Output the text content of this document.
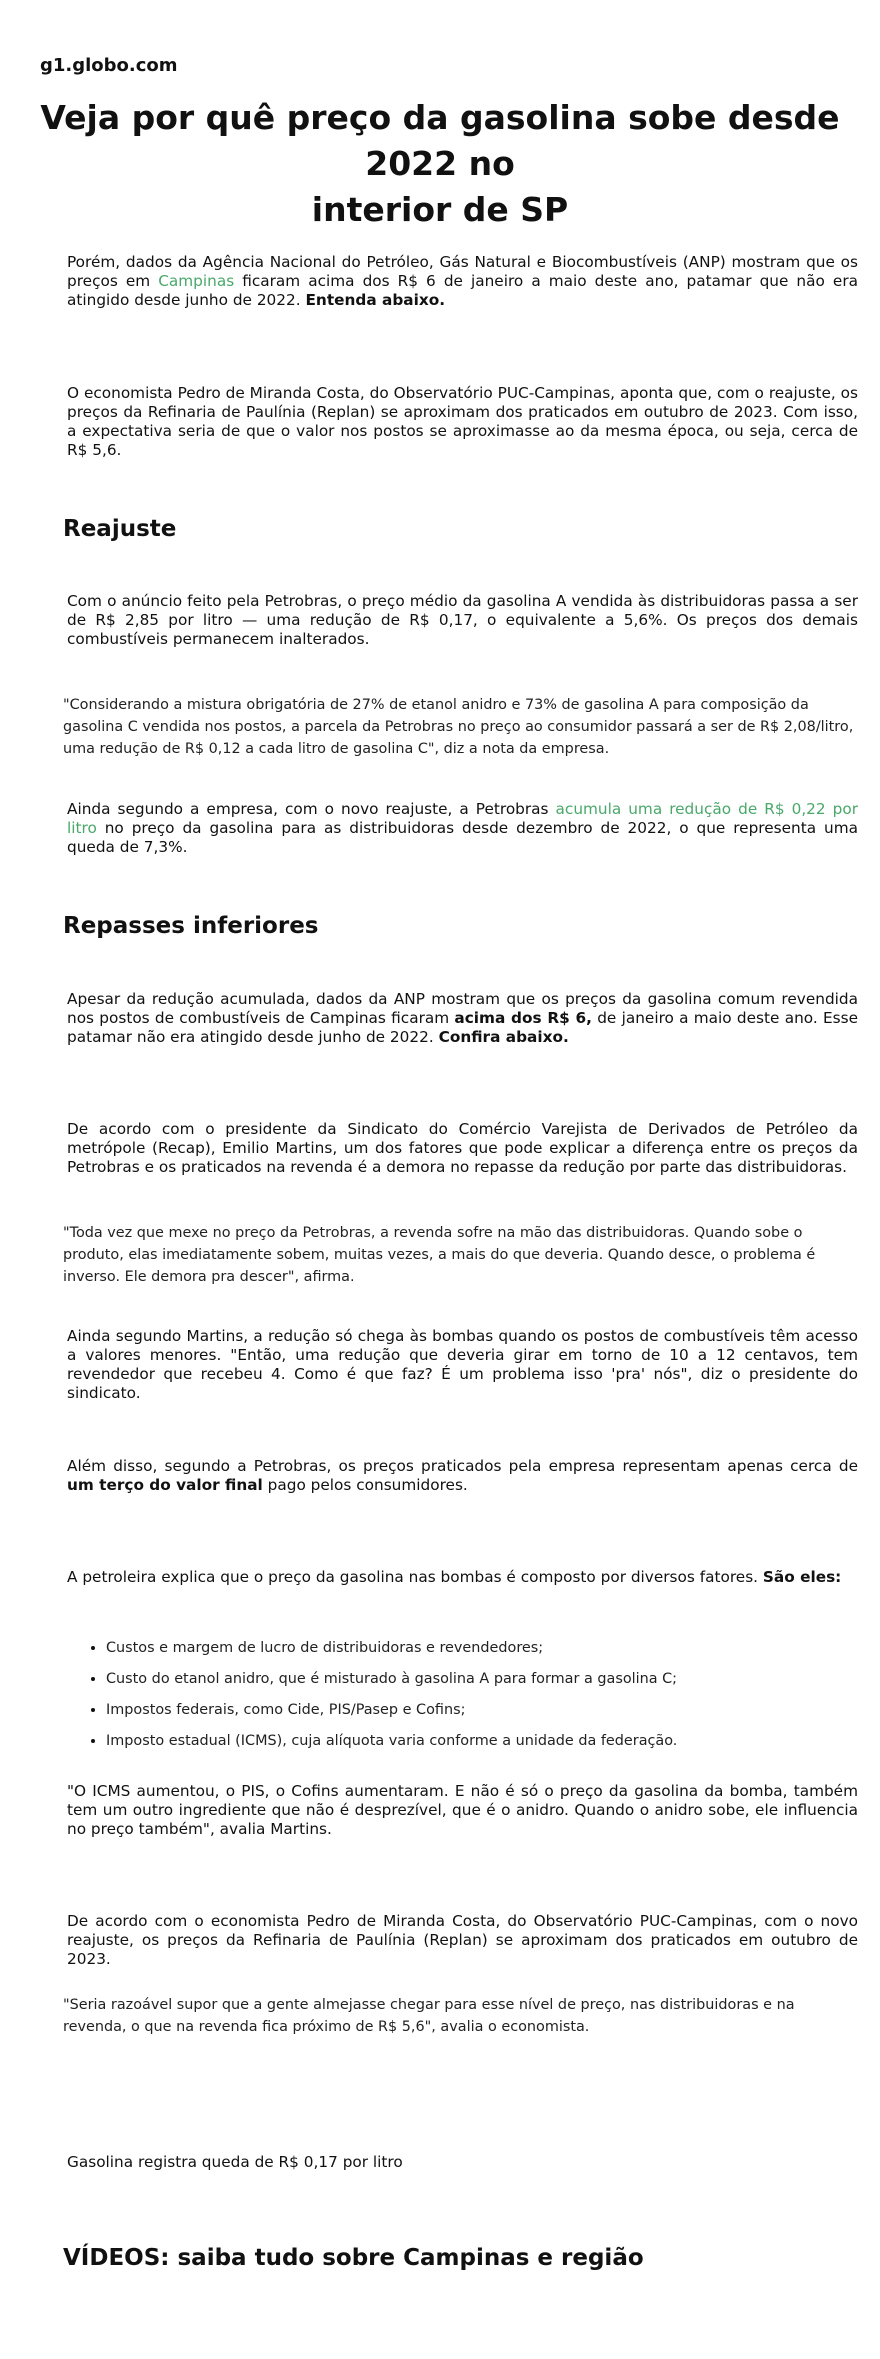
g1.globo.com
Veja por quê preço da gasolina sobe desde 2022 no
interior de SP
Porém, dados da Agência Nacional do Petróleo, Gás Natural e Biocombustíveis (ANP) mostram que os preços em Campinas ficaram acima dos R$ 6 de janeiro a maio deste ano, patamar que não era atingido desde junho de 2022. Entenda abaixo.
O economista Pedro de Miranda Costa, do Observatório PUC-Campinas, aponta que, com o reajuste, os preços da Refinaria de Paulínia (Replan) se aproximam dos praticados em outubro de 2023. Com isso, a expectativa seria de que o valor nos postos se aproximasse ao da mesma época, ou seja, cerca de R$ 5,6.
Reajuste
Com o anúncio feito pela Petrobras, o preço médio da gasolina A vendida às distribuidoras passa a ser de R$ 2,85 por litro — uma redução de R$ 0,17, o equivalente a 5,6%. Os preços dos demais combustíveis permanecem inalterados.
"Considerando a mistura obrigatória de 27% de etanol anidro e 73% de gasolina A para composição da gasolina C vendida nos postos, a parcela da Petrobras no preço ao consumidor passará a ser de R$ 2,08/litro, uma redução de R$ 0,12 a cada litro de gasolina C", diz a nota da empresa.
Ainda segundo a empresa, com o novo reajuste, a Petrobras acumula uma redução de R$ 0,22 por litro no preço da gasolina para as distribuidoras desde dezembro de 2022, o que representa uma queda de 7,3%.
Repasses inferiores
Apesar da redução acumulada, dados da ANP mostram que os preços da gasolina comum revendida nos postos de combustíveis de Campinas ficaram acima dos R$ 6, de janeiro a maio deste ano. Esse patamar não era atingido desde junho de 2022. Confira abaixo.
De acordo com o presidente da Sindicato do Comércio Varejista de Derivados de Petróleo da metrópole (Recap), Emilio Martins, um dos fatores que pode explicar a diferença entre os preços da Petrobras e os praticados na revenda é a demora no repasse da redução por parte das distribuidoras.
"Toda vez que mexe no preço da Petrobras, a revenda sofre na mão das distribuidoras. Quando sobe o produto, elas imediatamente sobem, muitas vezes, a mais do que deveria. Quando desce, o problema é inverso. Ele demora pra descer", afirma.
Ainda segundo Martins, a redução só chega às bombas quando os postos de combustíveis têm acesso a valores menores. "Então, uma redução que deveria girar em torno de 10 a 12 centavos, tem revendedor que recebeu 4. Como é que faz? É um problema isso 'pra' nós", diz o presidente do sindicato.
Além disso, segundo a Petrobras, os preços praticados pela empresa representam apenas cerca de um terço do valor final pago pelos consumidores.
A petroleira explica que o preço da gasolina nas bombas é composto por diversos fatores. São eles:
• Custos e margem de lucro de distribuidoras e revendedores;
• Custo do etanol anidro, que é misturado à gasolina A para formar a gasolina C;
• Impostos federais, como Cide, PIS/Pasep e Cofins;
• Imposto estadual (ICMS), cuja alíquota varia conforme a unidade da federação.
"O ICMS aumentou, o PIS, o Cofins aumentaram. E não é só o preço da gasolina da bomba, também tem um outro ingrediente que não é desprezível, que é o anidro. Quando o anidro sobe, ele influencia no preço também", avalia Martins.
De acordo com o economista Pedro de Miranda Costa, do Observatório PUC-Campinas, com o novo reajuste, os preços da Refinaria de Paulínia (Replan) se aproximam dos praticados em outubro de 2023.
"Seria razoável supor que a gente almejasse chegar para esse nível de preço, nas distribuidoras e na revenda, o que na revenda fica próximo de R$ 5,6", avalia o economista.
Gasolina registra queda de R$ 0,17 por litro
VÍDEOS: saiba tudo sobre Campinas e região
